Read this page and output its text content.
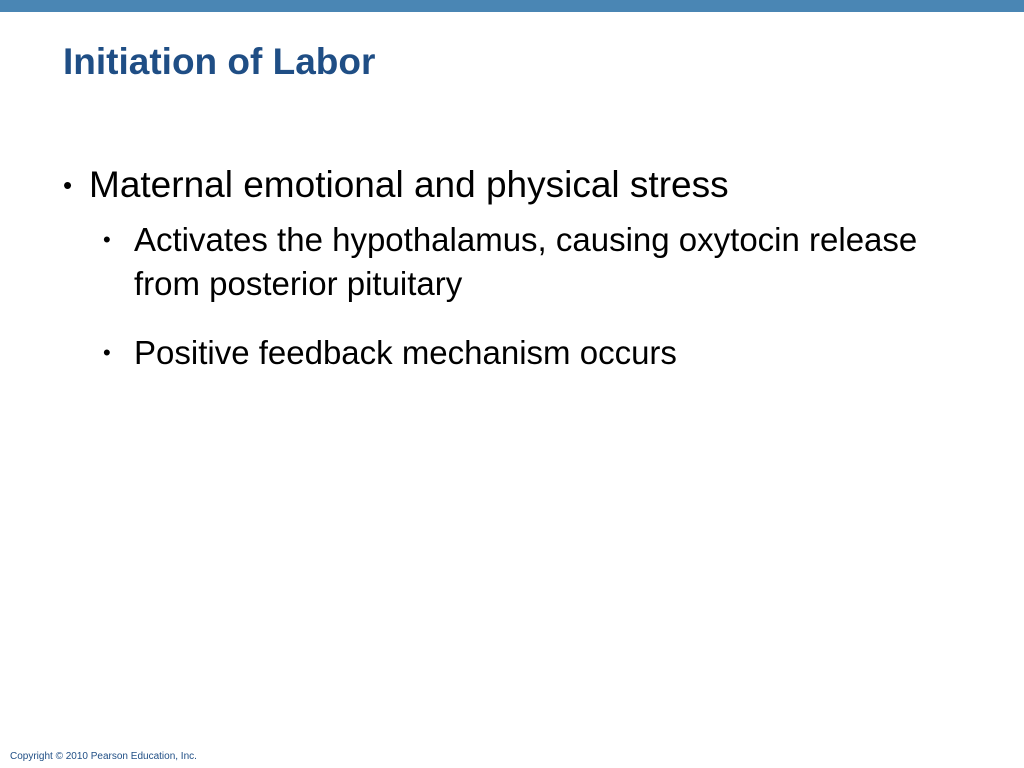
Initiation of Labor
• Maternal emotional and physical stress
• Activates the hypothalamus, causing oxytocin release from posterior pituitary
• Positive feedback mechanism occurs
Copyright © 2010 Pearson Education, Inc.
